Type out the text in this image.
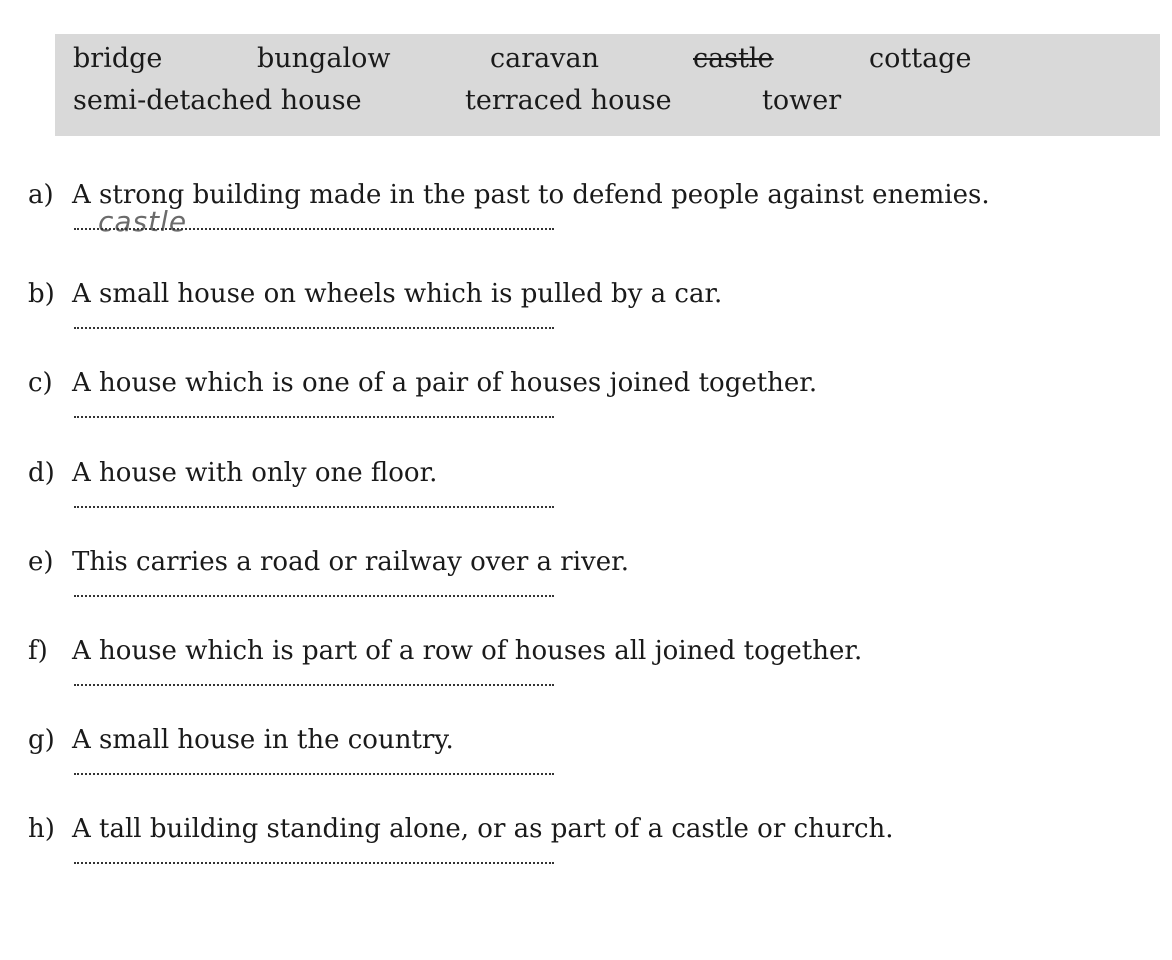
bridge	bungalow	caravan	castle	cottage
semi-detached house	terraced house	tower
a) A strong building made in the past to defend people against enemies.
castle
b) A small house on wheels which is pulled by a car.
c) A house which is one of a pair of houses joined together.
d) A house with only one floor.
e) This carries a road or railway over a river.
f) A house which is part of a row of houses all joined together.
g) A small house in the country.
h) A tall building standing alone, or as part of a castle or church.
